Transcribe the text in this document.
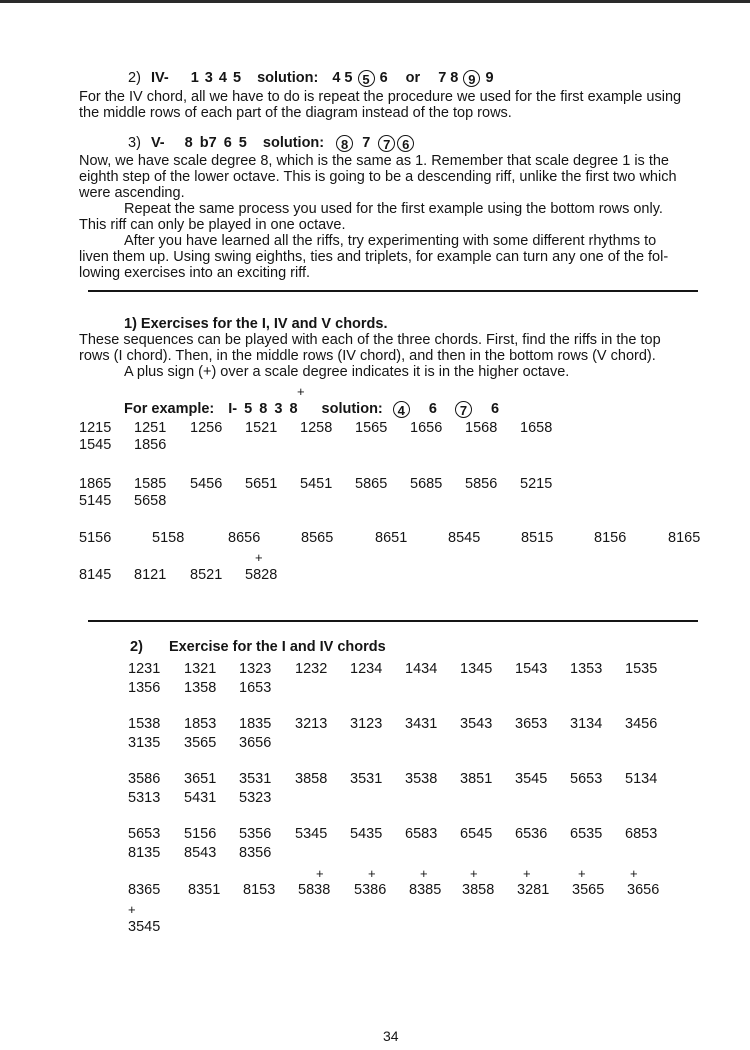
2) IV- 1 3 4 5 solution: 4 5 5 6 or 7 8 9 9
For the IV chord, all we have to do is repeat the procedure we used for the first example using
the middle rows of each part of the diagram instead of the top rows.
3) V- 8 b7 6 5 solution: 8 7 7 6
Now, we have scale degree 8, which is the same as 1. Remember that scale degree 1 is the
eighth step of the lower octave. This is going to be a descending riff, unlike the first two which
were ascending.
Repeat the same process you used for the first example using the bottom rows only.
This riff can only be played in one octave.
After you have learned all the riffs, try experimenting with some different rhythms to
liven them up. Using swing eighths, ties and triplets, for example can turn any one of the fol-
lowing exercises into an exciting riff.
1) Exercises for the I, IV and V chords.
These sequences can be played with each of the three chords. First, find the riffs in the top
rows (I chord). Then, in the middle rows (IV chord), and then in the bottom rows (V chord).
A plus sign (+) over a scale degree indicates it is in the higher octave.
+
For example: I- 5 8 3 8 solution: 4 6 7 6
1215 1251 1256 1521 1258 1565 1656 1568 1658
1545 1856
1865 1585 5456 5651 5451 5865 5685 5856 5215
5145 5658
5156	5158	8656	8565	8651	8545	8515	8156	8165
+
8145 8121 8521 5828
2) Exercise for the I and IV chords
1231 1321 1323 1232 1234 1434 1345 1543 1353 1535
1356 1358 1653
1538 1853 1835 3213 3123 3431 3543 3653 3134 3456
3135 3565 3656
3586 3651 3531 3858 3531 3538 3851 3545 5653 5134
5313 5431 5323
5653 5156 5356 5345 5435 6583 6545 6536 6535 6853
8135 8543 8356
+	+	+	+	+	+	+
8365 8351 8153 5838 5386 8385 3858 3281 3565 3656
+
3545
34
